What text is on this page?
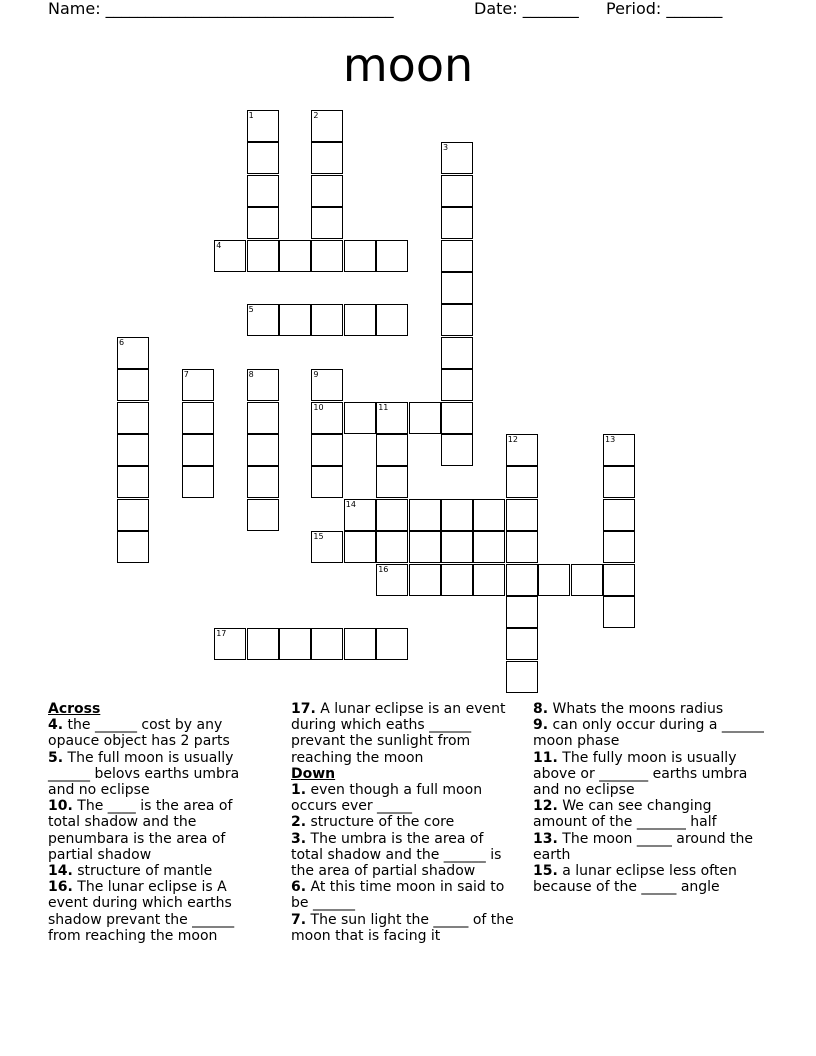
Name: ____________________________________	Date: _______ Period: _______
moon
1	2
3
4
5
6
7	8	9
10	11
16
12	13
14
15
17
Across
4. the ______ cost by any opauce object has 2 parts
5. The full moon is usually ______ belovs earths umbra and no eclipse
10. The ____ is the area of total shadow and the penumbara is the area of partial shadow
14. structure of mantle
16. The lunar eclipse is A event during which earths shadow prevant the ______ from reaching the moon
17. A lunar eclipse is an event during which eaths ______ prevant the sunlight from reaching the moon
Down
1. even though a full moon occurs ever _____
2. structure of the core
3. The umbra is the area of total shadow and the ______ is the area of partial shadow
6. At this time moon in said to be ______
7. The sun light the _____ of the moon that is facing it
8. Whats the moons radius
9. can only occur during a ______ moon phase
11. The fully moon is usually above or _______ earths umbra and no eclipse
12. We can see changing amount of the _______ half
13. The moon _____ around the earth
15. a lunar eclipse less often because of the _____ angle
